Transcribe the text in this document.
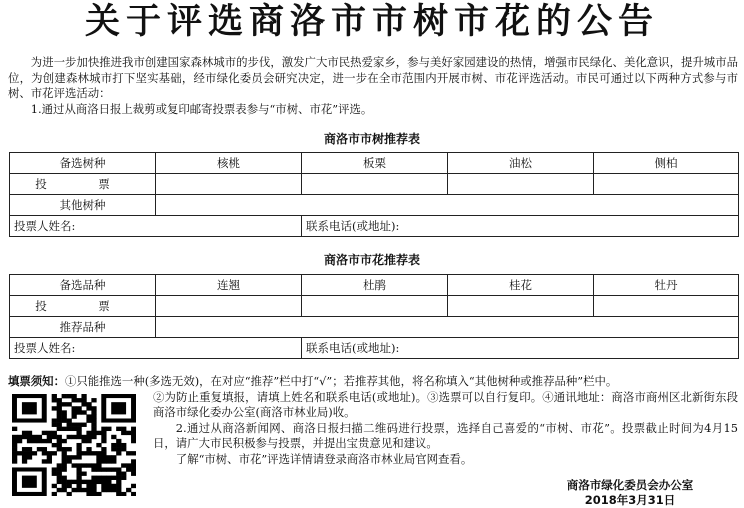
关于评选商洛市市树市花的公告

为进一步加快推进我市创建国家森林城市的步伐，激发广大市民热爱家乡，参与美好家园建设的热情，增强市民绿化、美化意识，提升城市品位，为创建森林城市打下坚实基础，经市绿化委员会研究决定，进一步在全市范围内开展市树、市花评选活动。市民可通过以下两种方式参与市树、市花评选活动：

1.通过从商洛日报上裁剪或复印邮寄投票表参与“市树、市花”评选。

商洛市市树推荐表
备选树种	核桃	板栗	油松	侧柏
投　票				
其他树种				
投票人姓名:		联系电话(或地址):		
商洛市市花推荐表
备选品种	连翘	杜鹃	桂花	牡丹
投　票				
推荐品种				
投票人姓名:		联系电话(或地址):		

填票须知：①只能推选一种(多选无效)，在对应“推荐”栏中打“√”；若推荐其他，将名称填入“其他树种或推荐品种”栏中。

②为防止重复填报，请填上姓名和联系电话(或地址)。③选票可以自行复印。④通讯地址：商洛市商州区北新街东段商洛市绿化委办公室(商洛市林业局)收。

2.通过从商洛新闻网、商洛日报扫描二维码进行投票，选择自己喜爱的“市树、市花”。投票截止时间为4月15日，请广大市民积极参与投票，并提出宝贵意见和建议。

了解“市树、市花”评选详情请登录商洛市林业局官网查看。

商洛市绿化委员会办公室
2018年3月31日
